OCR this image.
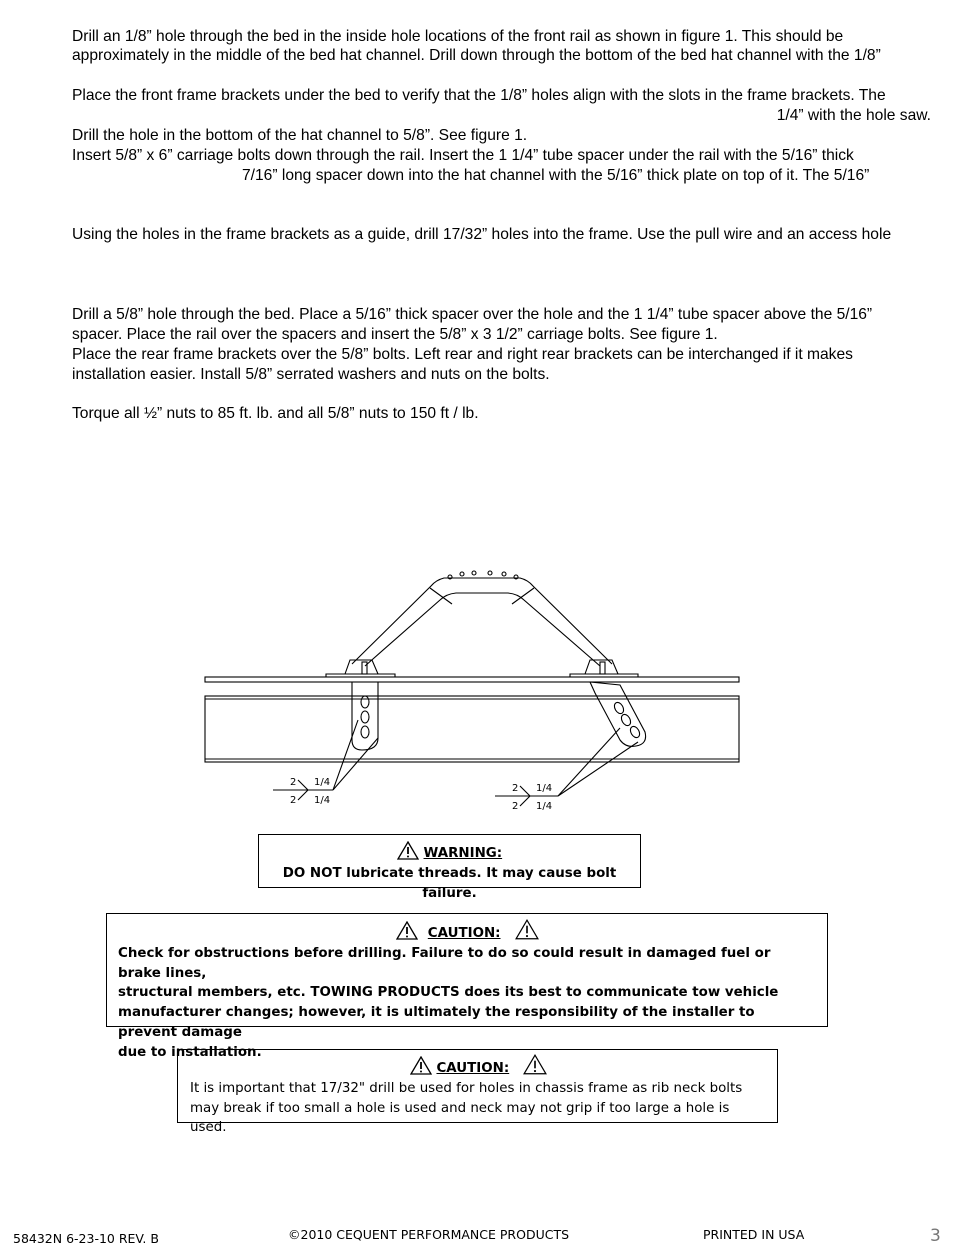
Drill an 1/8” hole through the bed in the inside hole locations of the front rail as shown in figure 1. This should be
approximately in the middle of the bed hat channel. Drill down through the bottom of the bed hat channel with the 1/8”
Place the front frame brackets under the bed to verify that the 1/8” holes align with the slots in the frame brackets. The
1/4” with the hole saw.
Drill the hole in the bottom of the hat channel to 5/8”. See figure 1.
Insert 5/8” x 6” carriage bolts down through the rail. Insert the 1 1/4” tube spacer under the rail with the 5/16” thick
7/16” long spacer down into the hat channel with the 5/16” thick plate on top of it. The 5/16”
Using the holes in the frame brackets as a guide, drill 17/32” holes into the frame. Use the pull wire and an access hole
Drill a 5/8” hole through the bed. Place a 5/16” thick spacer over the hole and the 1 1/4” tube spacer above the 5/16”
spacer. Place the rail over the spacers and insert the 5/8” x 3 1/2” carriage bolts. See figure 1.
Place the rear frame brackets over the 5/8” bolts. Left rear and right rear brackets can be interchanged if it makes
installation easier. Install 5/8” serrated washers and nuts on the bolts.
Torque all ½” nuts to 85 ft. lb. and all 5/8” nuts to 150 ft / lb.
2 1/4
2 1/4
2 1/4
2 1/4
WARNING:
DO NOT lubricate threads. It may cause bolt failure.
CAUTION:
Check for obstructions before drilling. Failure to do so could result in damaged fuel or brake lines,
structural members, etc. TOWING PRODUCTS does its best to communicate tow vehicle
manufacturer changes; however, it is ultimately the responsibility of the installer to prevent damage
due to installation.
CAUTION:
It is important that 17/32" drill be used for holes in chassis frame as rib neck bolts
may break if too small a hole is used and neck may not grip if too large a hole is used.
58432N 6-23-10 REV. B	©2010 CEQUENT PERFORMANCE PRODUCTS	PRINTED IN USA	3
